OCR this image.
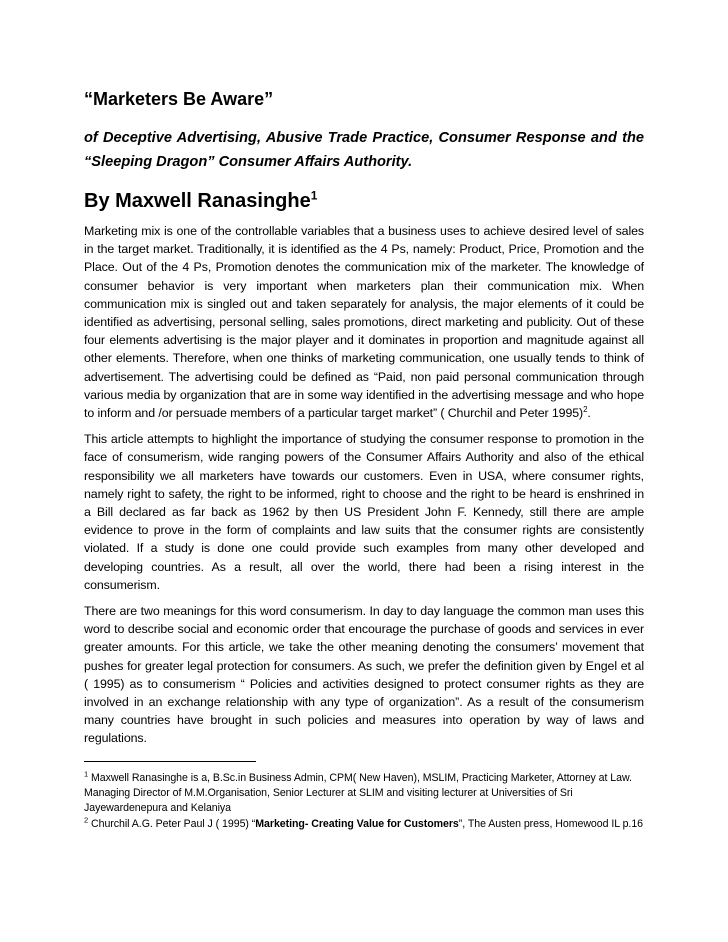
“Marketers Be Aware”

of Deceptive Advertising, Abusive Trade Practice, Consumer Response and the “Sleeping Dragon” Consumer Affairs Authority.

By Maxwell Ranasinghe$^1$

Marketing mix is one of the controllable variables that a business uses to achieve desired level of sales in the target market. Traditionally, it is identified as the 4 Ps, namely: Product, Price, Promotion and the Place. Out of the 4 Ps, Promotion denotes the communication mix of the marketer. The knowledge of consumer behavior is very important when marketers plan their communication mix. When communication mix is singled out and taken separately for analysis, the major elements of it could be identified as advertising, personal selling, sales promotions, direct marketing and publicity. Out of these four elements advertising is the major player and it dominates in proportion and magnitude against all other elements. Therefore, when one thinks of marketing communication, one usually tends to think of advertisement. The advertising could be defined as “Paid, non paid personal communication through various media by organization that are in some way identified in the advertising message and who hope to inform and /or persuade members of a particular target market” ( Churchil and Peter 1995)$^2$.

This article attempts to highlight the importance of studying the consumer response to promotion in the face of consumerism, wide ranging powers of the Consumer Affairs Authority and also of the ethical responsibility we all marketers have towards our customers. Even in USA, where consumer rights, namely right to safety, the right to be informed, right to choose and the right to be heard is enshrined in a Bill declared as far back as 1962 by then US President John F. Kennedy, still there are ample evidence to prove in the form of complaints and law suits that the consumer rights are consistently violated. If a study is done one could provide such examples from many other developed and developing countries. As a result, all over the world, there had been a rising interest in the consumerism.

There are two meanings for this word consumerism. In day to day language the common man uses this word to describe social and economic order that encourage the purchase of goods and services in ever greater amounts. For this article, we take the other meaning denoting the consumers’ movement that pushes for greater legal protection for consumers. As such, we prefer the definition given by Engel et al ( 1995) as to consumerism “ Policies and activities designed to protect consumer rights as they are involved in an exchange relationship with any type of organization”. As a result of the consumerism many countries have brought in such policies and measures into operation by way of laws and regulations.

$^1$ Maxwell Ranasinghe is a, B.Sc.in Business Admin, CPM( New Haven), MSLIM, Practicing Marketer, Attorney at Law. Managing Director of M.M.Organisation, Senior Lecturer at SLIM and visiting lecturer at Universities of Sri Jayewardenepura and Kelaniya

$^2$ Churchil A.G. Peter Paul J ( 1995) “Marketing- Creating Value for Customers”, The Austen press, Homewood IL p.16
